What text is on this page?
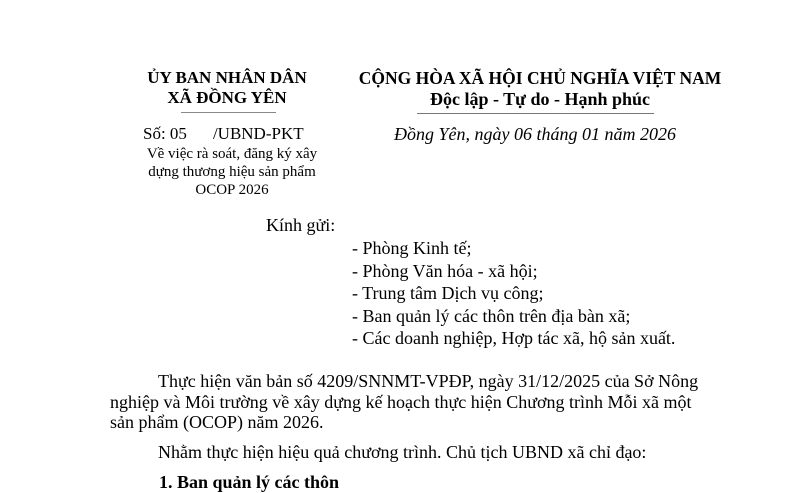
ỦY BAN NHÂN DÂN
XÃ ĐỒNG YÊN
CỘNG HÒA XÃ HỘI CHỦ NGHĨA VIỆT NAM
Độc lập - Tự do - Hạnh phúc
Số: 05 /UBND-PKT
Về việc rà soát, đăng ký xây
dựng thương hiệu sản phẩm
OCOP 2026
Đồng Yên, ngày 06 tháng 01 năm 2026
Kính gửi:
- Phòng Kinh tế;
- Phòng Văn hóa - xã hội;
- Trung tâm Dịch vụ công;
- Ban quản lý các thôn trên địa bàn xã;
- Các doanh nghiệp, Hợp tác xã, hộ sản xuất.
Thực hiện văn bản số 4209/SNNMT-VPĐP, ngày 31/12/2025 của Sở Nông
nghiệp và Môi trường về xây dựng kế hoạch thực hiện Chương trình Mỗi xã một
sản phẩm (OCOP) năm 2026.
Nhằm thực hiện hiệu quả chương trình. Chủ tịch UBND xã chỉ đạo:
1. Ban quản lý các thôn
